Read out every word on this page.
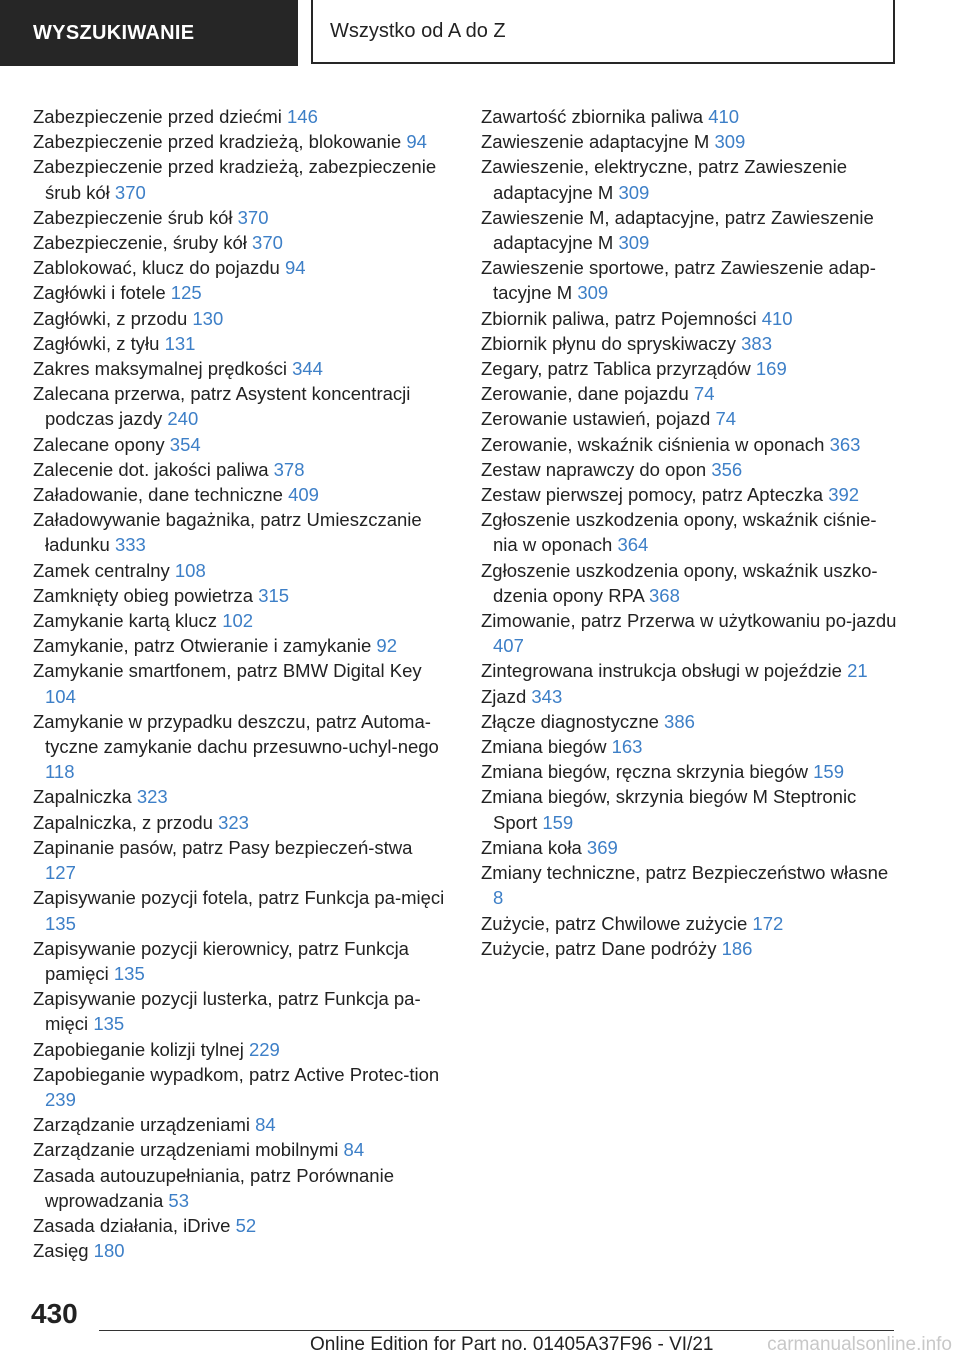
WYSZUKIWANIE	Wszystko od A do Z
Zabezpieczenie przed dziećmi 146
Zabezpieczenie przed kradzieżą, blokowanie 94
Zabezpieczenie przed kradzieżą, zabezpieczenie śrub kół 370
Zabezpieczenie śrub kół 370
Zabezpieczenie, śruby kół 370
Zablokować, klucz do pojazdu 94
Zagłówki i fotele 125
Zagłówki, z przodu 130
Zagłówki, z tyłu 131
Zakres maksymalnej prędkości 344
Zalecana przerwa, patrz Asystent koncentracji podczas jazdy 240
Zalecane opony 354
Zalecenie dot. jakości paliwa 378
Załadowanie, dane techniczne 409
Załadowywanie bagażnika, patrz Umieszczanie ładunku 333
Zamek centralny 108
Zamknięty obieg powietrza 315
Zamykanie kartą klucz 102
Zamykanie, patrz Otwieranie i zamykanie 92
Zamykanie smartfonem, patrz BMW Digital Key 104
Zamykanie w przypadku deszczu, patrz Automa-tyczne zamykanie dachu przesuwno-uchyl-nego 118
Zapalniczka 323
Zapalniczka, z przodu 323
Zapinanie pasów, patrz Pasy bezpieczeń-stwa 127
Zapisywanie pozycji fotela, patrz Funkcja pa-mięci 135
Zapisywanie pozycji kierownicy, patrz Funkcja pamięci 135
Zapisywanie pozycji lusterka, patrz Funkcja pa-mięci 135
Zapobieganie kolizji tylnej 229
Zapobieganie wypadkom, patrz Active Protec-tion 239
Zarządzanie urządzeniami 84
Zarządzanie urządzeniami mobilnymi 84
Zasada autouzupełniania, patrz Porównanie wprowadzania 53
Zasada działania, iDrive 52
Zasięg 180
Zawartość zbiornika paliwa 410
Zawieszenie adaptacyjne M 309
Zawieszenie, elektryczne, patrz Zawieszenie adaptacyjne M 309
Zawieszenie M, adaptacyjne, patrz Zawieszenie adaptacyjne M 309
Zawieszenie sportowe, patrz Zawieszenie adap-tacyjne M 309
Zbiornik paliwa, patrz Pojemności 410
Zbiornik płynu do spryskiwaczy 383
Zegary, patrz Tablica przyrządów 169
Zerowanie, dane pojazdu 74
Zerowanie ustawień, pojazd 74
Zerowanie, wskaźnik ciśnienia w oponach 363
Zestaw naprawczy do opon 356
Zestaw pierwszej pomocy, patrz Apteczka 392
Zgłoszenie uszkodzenia opony, wskaźnik ciśnie-nia w oponach 364
Zgłoszenie uszkodzenia opony, wskaźnik uszko-dzenia opony RPA 368
Zimowanie, patrz Przerwa w użytkowaniu po-jazdu 407
Zintegrowana instrukcja obsługi w pojeździe 21
Zjazd 343
Złącze diagnostyczne 386
Zmiana biegów 163
Zmiana biegów, ręczna skrzynia biegów 159
Zmiana biegów, skrzynia biegów M Steptronic Sport 159
Zmiana koła 369
Zmiany techniczne, patrz Bezpieczeństwo własne 8
Zużycie, patrz Chwilowe zużycie 172
Zużycie, patrz Dane podróży 186
430
Online Edition for Part no. 01405A37F96 - VI/21	carmanualsonline.info
